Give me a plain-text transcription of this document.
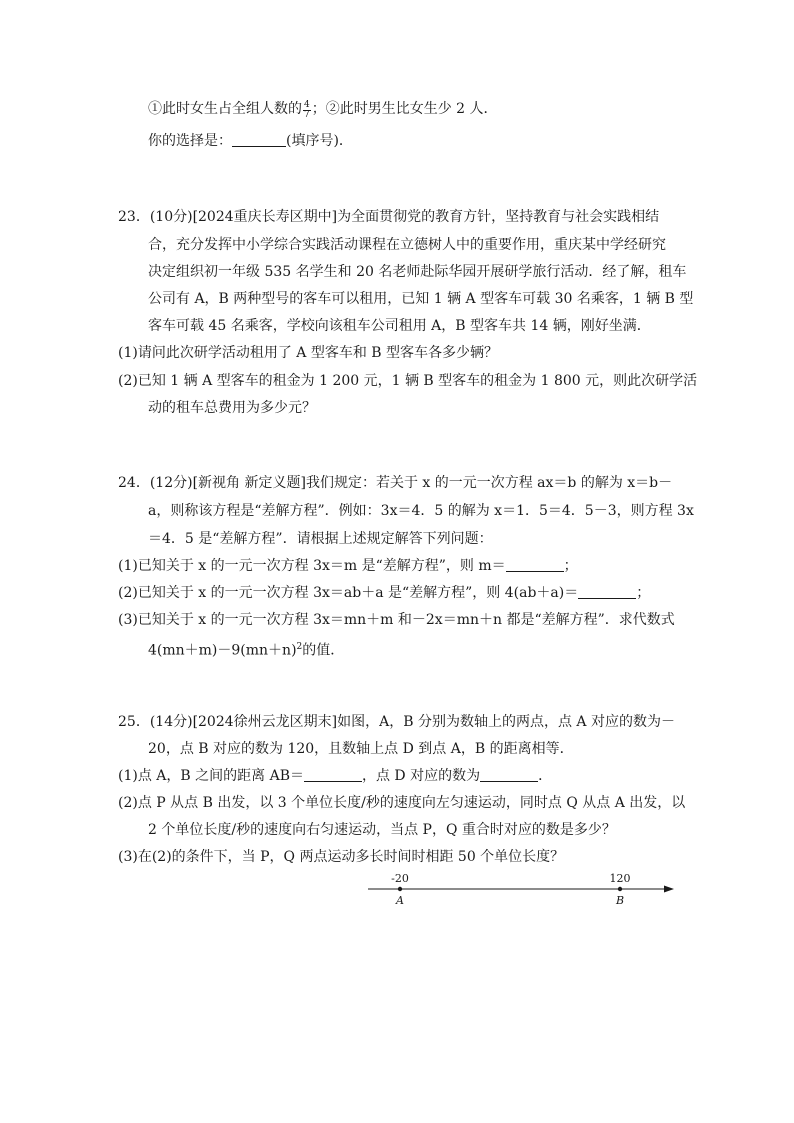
①此时女生占全组人数的 $\frac{4}{7}$ ；②此时男生比女生少 2 人．
你的选择是：	(填序号)．
23．(10分)[2024重庆长寿区期中]为全面贯彻党的教育方针，坚持教育与社会实践相结
合，充分发挥中小学综合实践活动课程在立德树人中的重要作用，重庆某中学经研究
决定组织初一年级 535 名学生和 20 名老师赴际华园开展研学旅行活动．经了解，租车
公司有 A，B 两种型号的客车可以租用，已知 1 辆 A 型客车可载 30 名乘客，1 辆 B 型
客车可载 45 名乘客，学校向该租车公司租用 A，B 型客车共 14 辆，刚好坐满．
(1)请问此次研学活动租用了 A 型客车和 B 型客车各多少辆？
(2)已知 1 辆 A 型客车的租金为 1 200 元，1 辆 B 型客车的租金为 1 800 元，则此次研学活
动的租车总费用为多少元？
24．(12分)[新视角 新定义题]我们规定：若关于 x 的一元一次方程 ax＝b 的解为 x＝b－
a，则称该方程是“差解方程”．例如：3x＝4．5 的解为 x＝1．5＝4．5－3，则方程 3x
＝4．5 是“差解方程”．请根据上述规定解答下列问题：
(1)已知关于 x 的一元一次方程 3x＝m 是“差解方程”，则 m＝	；
(2)已知关于 x 的一元一次方程 3x＝ab＋a 是“差解方程”，则 4(ab＋a)＝	；
(3)已知关于 x 的一元一次方程 3x＝mn＋m 和－2x＝mn＋n 都是“差解方程”．求代数式
$4(mn+m)-9(mn+n)^2$的值．
25．(14分)[2024徐州云龙区期末]如图，A，B 分别为数轴上的两点，点 A 对应的数为－
20，点 B 对应的数为 120，且数轴上点 D 到点 A，B 的距离相等．
(1)点 A，B 之间的距离 AB＝	，点 D 对应的数为	．
(2)点 P 从点 B 出发，以 3 个单位长度/秒的速度向左匀速运动，同时点 Q 从点 A 出发，以
2 个单位长度/秒的速度向右匀速运动，当点 P，Q 重合时对应的数是多少？
(3)在(2)的条件下，当 P，Q 两点运动多长时间时相距 50 个单位长度？
-20	120
A	B
